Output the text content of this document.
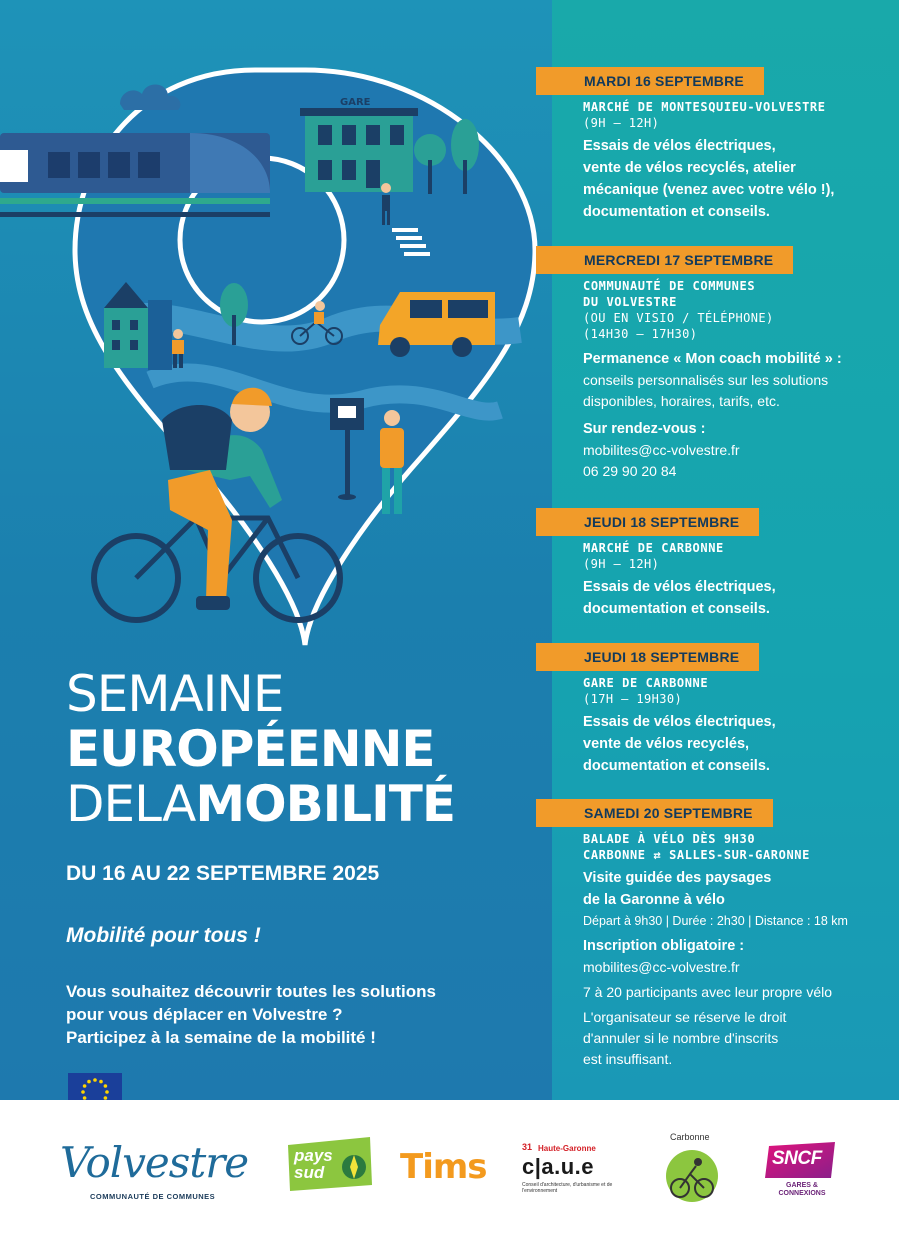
GARE
MARDI 16 SEPTEMBRE
MARCHÉ DE MONTESQUIEU-VOLVESTRE
(9H – 12H)
Essais de vélos électriques,
vente de vélos recyclés, atelier
mécanique (venez avec votre vélo !),
documentation et conseils.
MERCREDI 17 SEPTEMBRE
COMMUNAUTÉ DE COMMUNES
DU VOLVESTRE
(OU EN VISIO / TÉLÉPHONE)
(14H30 – 17H30)
Permanence « Mon coach mobilité » :
conseils personnalisés sur les solutions
disponibles, horaires, tarifs, etc.
Sur rendez-vous :
mobilites@cc-volvestre.fr
06 29 90 20 84
JEUDI 18 SEPTEMBRE
MARCHÉ DE CARBONNE
(9H – 12H)
Essais de vélos électriques,
documentation et conseils.
JEUDI 18 SEPTEMBRE
GARE DE CARBONNE
(17H – 19H30)
Essais de vélos électriques,
vente de vélos recyclés,
documentation et conseils.
SAMEDI 20 SEPTEMBRE
BALADE À VÉLO DÈS 9H30
CARBONNE ⇄ SALLES-SUR-GARONNE
Visite guidée des paysages
de la Garonne à vélo
Départ à 9h30 | Durée : 2h30 | Distance : 18 km
Inscription obligatoire :
mobilites@cc-volvestre.fr
7 à 20 participants avec leur propre vélo
L'organisateur se réserve le droit
d'annuler si le nombre d'inscrits
est insuffisant.
SEMAINE
EUROPÉENNE
DELAMOBILITÉ
DU 16 AU 22 SEPTEMBRE 2025
Mobilité pour tous !
Vous souhaitez découvrir toutes les solutions
pour vous déplacer en Volvestre ?
Participez à la semaine de la mobilité !
Volvestre
COMMUNAUTÉ DE COMMUNES
pays sud	Tims	31 Haute-Garonne
c|a.u.e
Conseil d'architecture, d'urbanisme et de l'environnement
Carbonne
SNCF
GARES & CONNEXIONS
